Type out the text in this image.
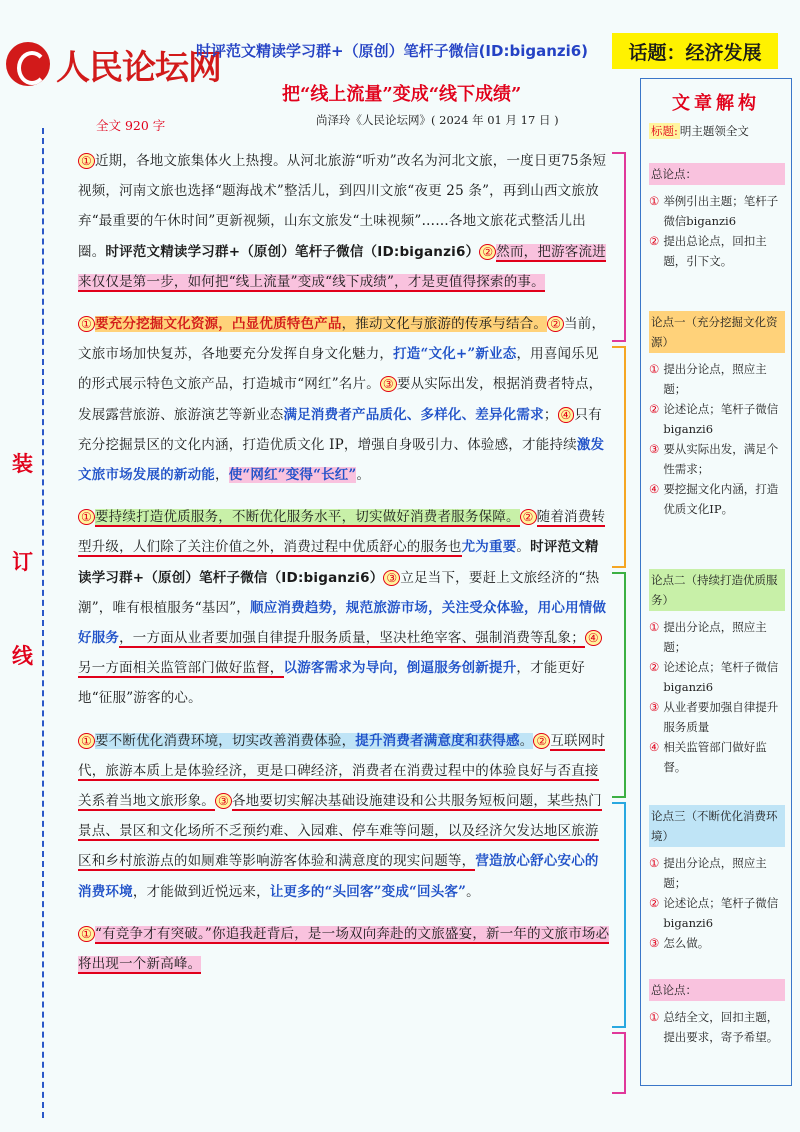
人民论坛网
时评范文精读学习群+（原创）笔杆子微信(ID:biganzi6)	话题：经济发展
把“线上流量”变成“线下成绩”
尚泽玲《人民论坛网》( 2024 年 01 月 17 日 )
全文 920 字
装
订
线

① 近期，各地文旅集体火上热搜。从河北旅游“听劝”改名为河北文旅，一度日更75条短视频，河南文旅也选择“题海战术”整活儿，到四川文旅“夜更 25 条”，再到山西文旅放弃“最重要的午休时间”更新视频，山东文旅发“土味视频”……各地文旅花式整活儿出圈。时评范文精读学习群+（原创）笔杆子微信（ID:biganzi6） ② 然而，把游客流进来仅仅是第一步，如何把“线上流量”变成“线下成绩”，才是更值得探索的事。

① 要充分挖掘文化资源，凸显优质特色产品，推动文化与旅游的传承与结合。 ② 当前，文旅市场加快复苏，各地要充分发挥自身文化魅力，打造“文化+”新业态，用喜闻乐见的形式展示特色文旅产品，打造城市“网红”名片。 ③ 要从实际出发，根据消费者特点，发展露营旅游、旅游演艺等新业态满足消费者产品质化、多样化、差异化需求； ④ 只有充分挖掘景区的文化内涵，打造优质文化 IP，增强自身吸引力、体验感，才能持续激发文旅市场发展的新动能，使“网红”变得“长红”。

① 要持续打造优质服务，不断优化服务水平，切实做好消费者服务保障。 ② 随着消费转型升级，人们除了关注价值之外，消费过程中优质舒心的服务也尤为重要。时评范文精读学习群+（原创）笔杆子微信（ID:biganzi6） ③ 立足当下，要赶上文旅经济的“热潮”，唯有根植服务“基因”，顺应消费趋势，规范旅游市场，关注受众体验，用心用情做好服务，一方面从业者要加强自律提升服务质量，坚决杜绝宰客、强制消费等乱象； ④另一方面相关监管部门做好监督，以游客需求为导向，倒逼服务创新提升，才能更好地“征服”游客的心。

① 要不断优化消费环境，切实改善消费体验，提升消费者满意度和获得感。 ② 互联网时代，旅游本质上是体验经济，更是口碑经济，消费者在消费过程中的体验良好与否直接关系着当地文旅形象。 ③ 各地要切实解决基础设施建设和公共服务短板问题，某些热门景点、景区和文化场所不乏预约难、入园难、停车难等问题，以及经济欠发达地区旅游区和乡村旅游点的如厕难等影响游客体验和满意度的现实问题等，营造放心舒心安心的消费环境，才能做到近悦远来，让更多的“头回客”变成“回头客”。

① “有竞争才有突破。”你追我赶背后，是一场双向奔赴的文旅盛宴，新一年的文旅市场必将出现一个新高峰。

文章解构
标题: 明主题领全文
总论点：
① 举例引出主题；笔杆子微信biganzi6
② 提出总论点，回扣主题，引下文。
论点一（充分挖掘文化资源）
① 提出分论点，照应主题；
② 论述论点；笔杆子微信 biganzi6
③ 要从实际出发，满足个性需求；
④ 要挖掘文化内涵，打造优质文化IP。
论点二（持续打造优质服务）
① 提出分论点，照应主题；
② 论述论点；笔杆子微信 biganzi6
③ 从业者要加强自律提升服务质量
④ 相关监管部门做好监督。
论点三（不断优化消费环境）
① 提出分论点，照应主题；
② 论述论点；笔杆子微信 biganzi6
③ 怎么做。
总论点：
① 总结全文，回扣主题，提出要求，寄予希望。
